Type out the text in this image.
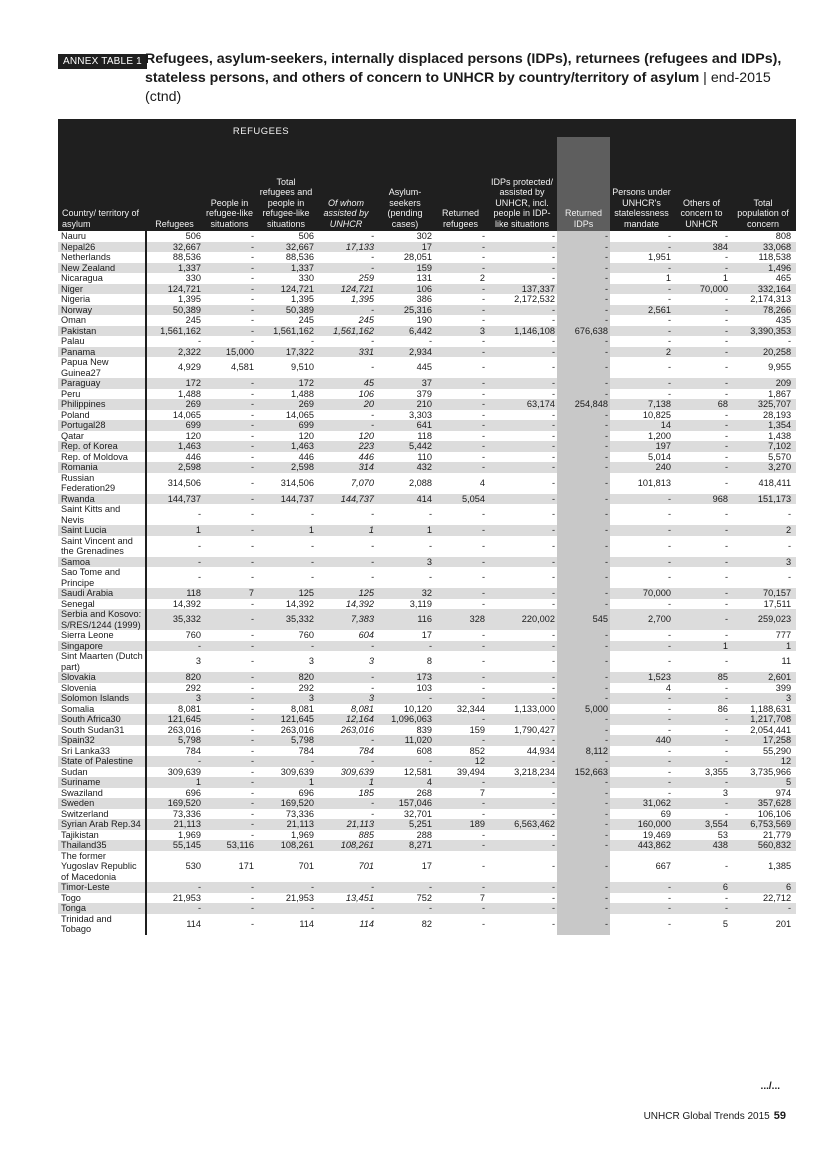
ANNEX TABLE 1 Refugees, asylum-seekers, internally displaced persons (IDPs), returnees (refugees and IDPs), stateless persons, and others of concern to UNHCR by country/territory of asylum | end-2015
(ctnd)
	REFUGEES										
Country/ territory of asylum	Refugees	People in refugee-like situations	Total refugees and people in refugee-like situations	Of whom assisted by UNHCR	Asylum-seekers (pending cases)	Returned refugees	IDPs protected/ assisted by UNHCR, incl. people in IDP-like situations	Returned IDPs	Persons under UNHCR's statelessness mandate	Others of concern to UNHCR	Total population of concern
Nauru	506	-	506	-	302	-	-	-	-	-	808
Nepal26	32,667	-	32,667	17,133	17	-	-	-	-	384	33,068
Netherlands	88,536	-	88,536	-	28,051	-	-	-	1,951	-	118,538
New Zealand	1,337	-	1,337	-	159	-	-	-	-	-	1,496
Nicaragua	330	-	330	259	131	2	-	-	1	1	465
Niger	124,721	-	124,721	124,721	106	-	137,337	-	-	70,000	332,164
Nigeria	1,395	-	1,395	1,395	386	-	2,172,532	-	-	-	2,174,313
Norway	50,389	-	50,389	-	25,316	-	-	-	2,561	-	78,266
Oman	245	-	245	245	190	-	-	-	-	-	435
Pakistan	1,561,162	-	1,561,162	1,561,162	6,442	3	1,146,108	676,638	-	-	3,390,353
Palau	-	-	-	-	-	-	-	-	-	-	-
Panama	2,322	15,000	17,322	331	2,934	-	-	-	2	-	20,258
Papua New Guinea27	4,929	4,581	9,510	-	445	-	-	-	-	-	9,955
Paraguay	172	-	172	45	37	-	-	-	-	-	209
Peru	1,488	-	1,488	106	379	-	-	-	-	-	1,867
Philippines	269	-	269	20	210	-	63,174	254,848	7,138	68	325,707
Poland	14,065	-	14,065	-	3,303	-	-	-	10,825	-	28,193
Portugal28	699	-	699	-	641	-	-	-	14	-	1,354
Qatar	120	-	120	120	118	-	-	-	1,200	-	1,438
Rep. of Korea	1,463	-	1,463	223	5,442	-	-	-	197	-	7,102
Rep. of Moldova	446	-	446	446	110	-	-	-	5,014	-	5,570
Romania	2,598	-	2,598	314	432	-	-	-	240	-	3,270
Russian Federation29	314,506	-	314,506	7,070	2,088	4	-	-	101,813	-	418,411
Rwanda	144,737	-	144,737	144,737	414	5,054	-	-	-	968	151,173
Saint Kitts and Nevis	-	-	-	-	-	-	-	-	-	-	-
Saint Lucia	1	-	1	1	1	-	-	-	-	-	2
Saint Vincent and the Grenadines	-	-	-	-	-	-	-	-	-	-	-
Samoa	-	-	-	-	3	-	-	-	-	-	3
Sao Tome and Principe	-	-	-	-	-	-	-	-	-	-	-
Saudi Arabia	118	7	125	125	32	-	-	-	70,000	-	70,157
Senegal	14,392	-	14,392	14,392	3,119	-	-	-	-	-	17,511
Serbia and Kosovo: S/RES/1244 (1999)	35,332	-	35,332	7,383	116	328	220,002	545	2,700	-	259,023
Sierra Leone	760	-	760	604	17	-	-	-	-	-	777
Singapore	-	-	-	-	-	-	-	-	-	1	1
Sint Maarten (Dutch part)	3	-	3	3	8	-	-	-	-	-	11
Slovakia	820	-	820	-	173	-	-	-	1,523	85	2,601
Slovenia	292	-	292	-	103	-	-	-	4	-	399
Solomon Islands	3	-	3	3	-	-	-	-	-	-	3
Somalia	8,081	-	8,081	8,081	10,120	32,344	1,133,000	5,000	-	86	1,188,631
South Africa30	121,645	-	121,645	12,164	1,096,063	-	-	-	-	-	1,217,708
South Sudan31	263,016	-	263,016	263,016	839	159	1,790,427	-	-	-	2,054,441
Spain32	5,798	-	5,798	-	11,020	-	-	-	440	-	17,258
Sri Lanka33	784	-	784	784	608	852	44,934	8,112	-	-	55,290
State of Palestine	-	-	-	-	-	12	-	-	-	-	12
Sudan	309,639	-	309,639	309,639	12,581	39,494	3,218,234	152,663	-	3,355	3,735,966
Suriname	1	-	1	1	4	-	-	-	-	-	5
Swaziland	696	-	696	185	268	7	-	-	-	3	974
Sweden	169,520	-	169,520	-	157,046	-	-	-	31,062	-	357,628
Switzerland	73,336	-	73,336	-	32,701	-	-	-	69	-	106,106
Syrian Arab Rep.34	21,113	-	21,113	21,113	5,251	189	6,563,462	-	160,000	3,554	6,753,569
Tajikistan	1,969	-	1,969	885	288	-	-	-	19,469	53	21,779
Thailand35	55,145	53,116	108,261	108,261	8,271	-	-	-	443,862	438	560,832
The former Yugoslav Republic of Macedonia	530	171	701	701	17	-	-	-	667	-	1,385
Timor-Leste	-	-	-	-	-	-	-	-	-	6	6
Togo	21,953	-	21,953	13,451	752	7	-	-	-	-	22,712
Tonga	-	-	-	-	-	-	-	-	-	-	-
Trinidad and Tobago	114	-	114	114	82	-	-	-	-	5	201
.../...
UNHCR Global Trends 2015 59
